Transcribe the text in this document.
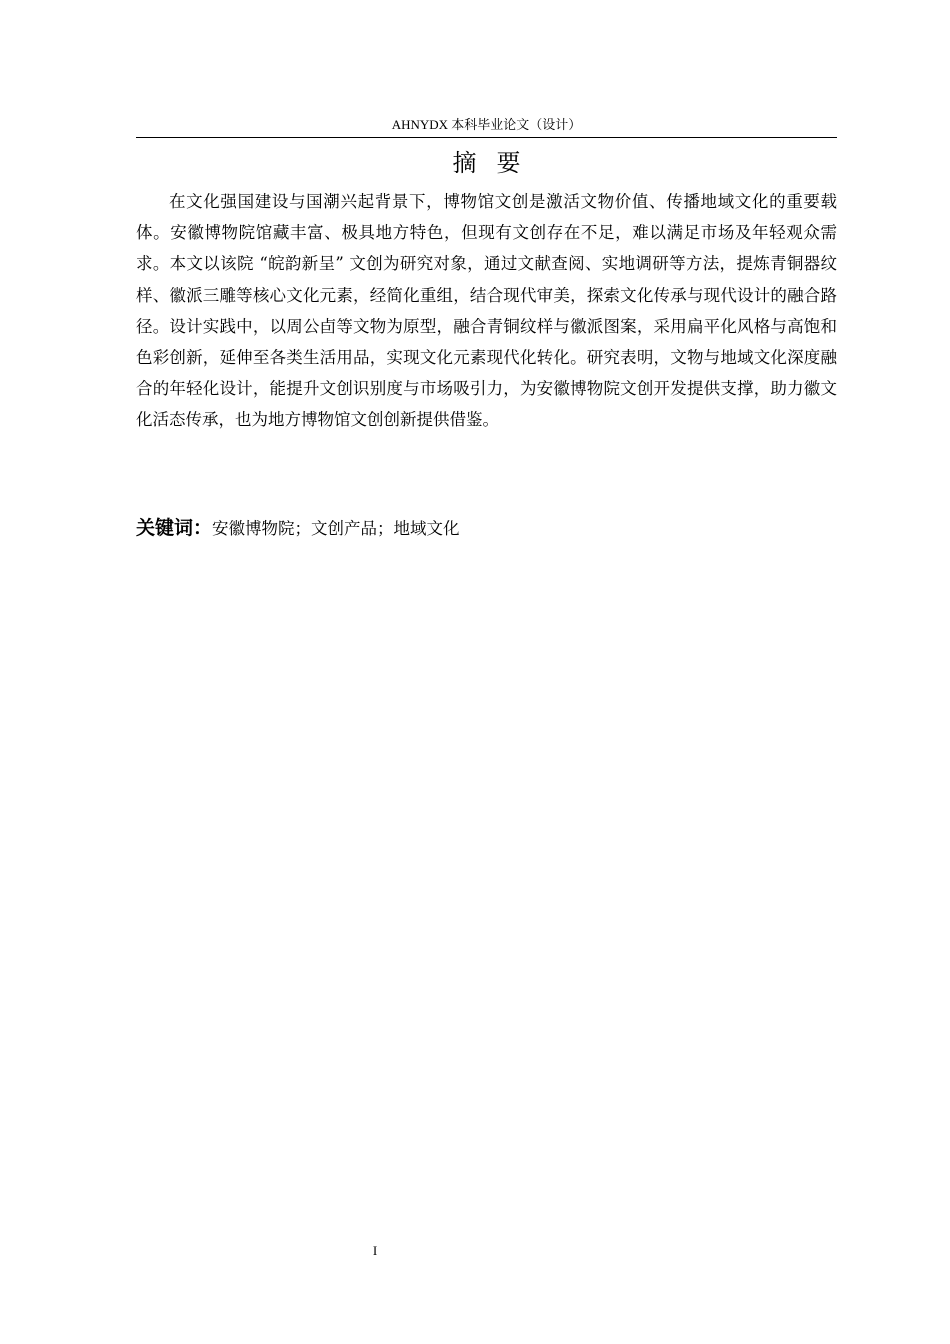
AHNYDX 本科毕业论文（设计）
摘要

在文化强国建设与国潮兴起背景下，博物馆文创是激活文物价值、传播地域文化的重要载体。安徽博物院馆藏丰富、极具地方特色，但现有文创存在不足，难以满足市场及年轻观众需求。本文以该院 “皖韵新呈” 文创为研究对象，通过文献查阅、实地调研等方法，提炼青铜器纹样、徽派三雕等核心文化元素，经简化重组，结合现代审美，探索文化传承与现代设计的融合路径。设计实践中，以周公卣等文物为原型，融合青铜纹样与徽派图案，采用扁平化风格与高饱和色彩创新，延伸至各类生活用品，实现文化元素现代化转化。研究表明，文物与地域文化深度融合的年轻化设计，能提升文创识别度与市场吸引力，为安徽博物院文创开发提供支撑，助力徽文化活态传承，也为地方博物馆文创创新提供借鉴。

关键词：安徽博物院；文创产品；地域文化
I
